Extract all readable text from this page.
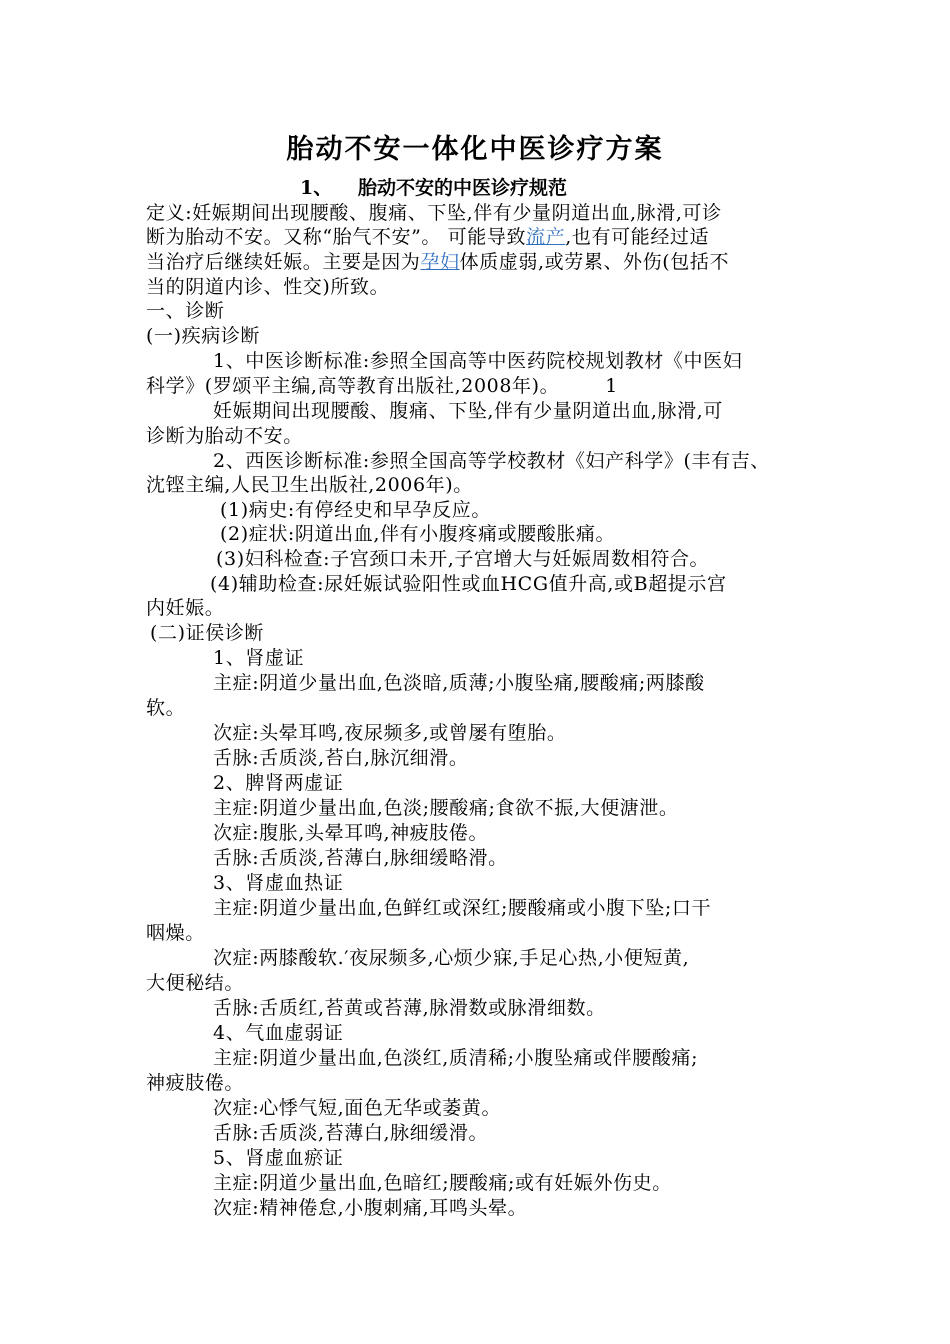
胎动不安一体化中医诊疗方案
1、 胎动不安的中医诊疗规范
定义:妊娠期间出现腰酸、腹痛、下坠,伴有少量阴道出血,脉滑,可诊
断为胎动不安。又称“胎气不安”。 可能导致流产,也有可能经过适
当治疗后继续妊娠。主要是因为孕妇体质虚弱,或劳累、外伤(包括不
当的阴道内诊、性交)所致。
一、诊断
(一)疾病诊断
1、中医诊断标准:参照全国高等中医药院校规划教材《中医妇
科学》(罗颂平主编,高等教育出版社,2008年)。 1
妊娠期间出现腰酸、腹痛、下坠,伴有少量阴道出血,脉滑,可
诊断为胎动不安。
2、西医诊断标准:参照全国高等学校教材《妇产科学》(丰有吉、
沈铿主编,人民卫生出版社,2006年)。
(1)病史:有停经史和早孕反应。
(2)症状:阴道出血,伴有小腹疼痛或腰酸胀痛。
(3)妇科检查:子宫颈口未开,子宫增大与妊娠周数相符合。
(4)辅助检查:尿妊娠试验阳性或血HCG值升高,或B超提示宫
内妊娠。
(二)证侯诊断
1、肾虚证
主症:阴道少量出血,色淡暗,质薄;小腹坠痛,腰酸痛;两膝酸
软。
次症:头晕耳鸣,夜尿频多,或曾屡有堕胎。
舌脉:舌质淡,苔白,脉沉细滑。
2、脾肾两虚证
主症:阴道少量出血,色淡;腰酸痛;食欲不振,大便溏泄。
次症:腹胀,头晕耳鸣,神疲肢倦。
舌脉:舌质淡,苔薄白,脉细缓略滑。
3、肾虚血热证
主症:阴道少量出血,色鲜红或深红;腰酸痛或小腹下坠;口干
咽燥。
次症:两膝酸软.′夜尿频多,心烦少寐,手足心热,小便短黄,
大便秘结。
舌脉:舌质红,苔黄或苔薄,脉滑数或脉滑细数。
4、气血虚弱证
主症:阴道少量出血,色淡红,质清稀;小腹坠痛或伴腰酸痛;
神疲肢倦。
次症:心悸气短,面色无华或萎黄。
舌脉:舌质淡,苔薄白,脉细缓滑。
5、肾虚血瘀证
主症:阴道少量出血,色暗红;腰酸痛;或有妊娠外伤史。
次症:精神倦怠,小腹刺痛,耳鸣头晕。
